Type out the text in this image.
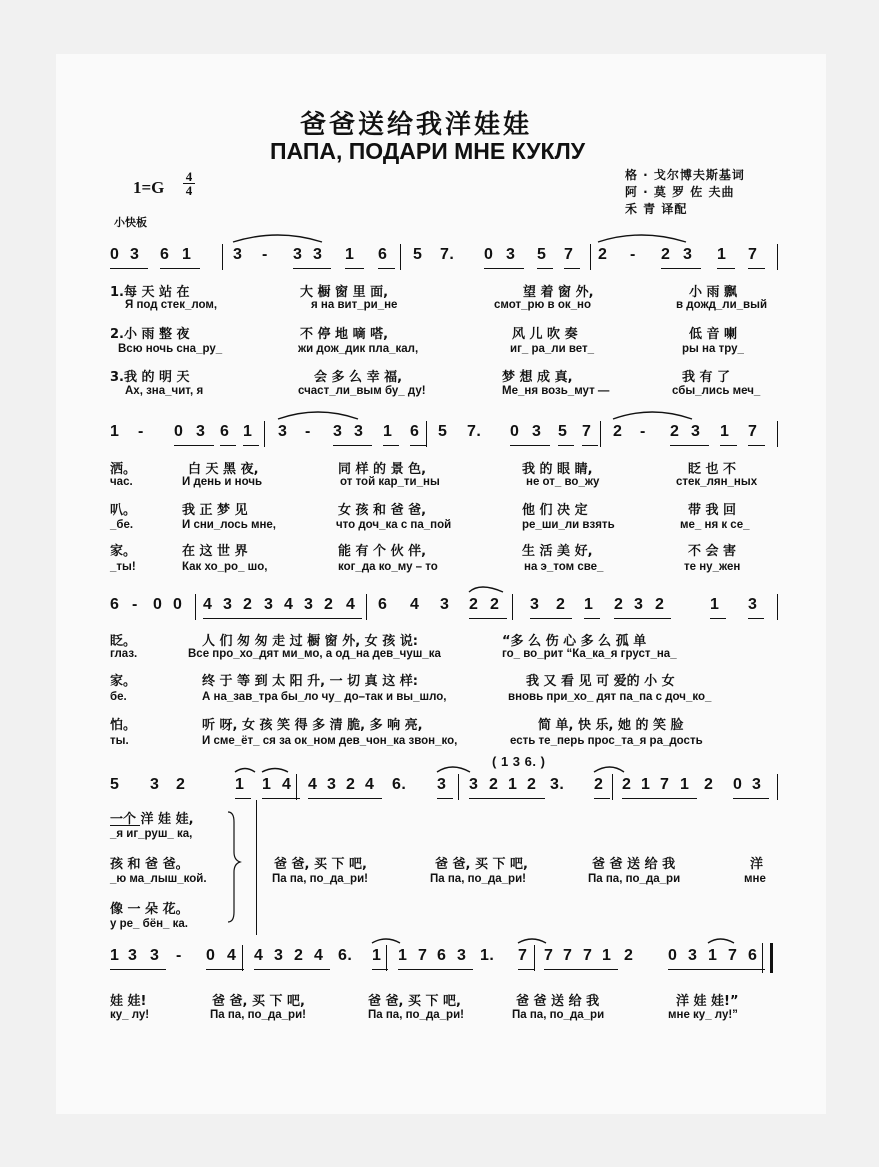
爸爸送给我洋娃娃
ПАПА, ПОДАРИ МНЕ КУКЛУ
格 · 戈尔博夫斯基词
阿 · 莫 罗 佐 夫曲
禾 青 译配
1=G
4
4
小快板
0 3 6 1	3 - 3 3 1 6 5 7. 0 3 5 7 2 - 2 3 1 7
1.每 天 站 在	大 橱 窗 里 面,	望 着 窗 外,	小 雨 飘
Я под стек_лом,	я на вит_ри_не	смот_рю в ок_но	в дожд_ли_вый
2.小 雨 整 夜	不 停 地 嘀 嗒,	风 儿 吹 奏	低 音 喇
Всю ночь сна_ру_	жи дож_дик пла_кал,	иг_ ра_ли вет_	ры на тру_
3.我 的 明 天	会 多 么 幸 福,	梦 想 成 真,	我 有 了
Ах, зна_чит, я	счаст_ли_вым бу_ ду!	Ме_ня возь_мут —	сбы_лись меч_
1 - 0 3 6 1 3 - 3 3 1 6 5 7. 0 3 5 7 2 - 2 3 1 7
洒。	白 天 黑 夜,	同 样 的 景 色,	我 的 眼 睛,	眨 也 不
час.	И день и ночь	от той кар_ти_ны	не от_ во_жу	стек_лян_ных
叭。	我 正 梦 见	女 孩 和 爸 爸,	他 们 决 定	带 我 回
_бе.	И сни_лось мне,	что доч_ка с па_пой	ре_ши_ли взять	ме_ ня к се_
家。	在 这 世 界	能 有 个 伙 伴,	生 活 美 好,	不 会 害
_ты!	Как хо_ро_ шо,	ког_да ко_му – то	на э_том све_	те ну_жен
6 - 0 0 4 3 2 3 4 3 2 4 6 4 3 2 2 3 2 1 2 3 2	1 3
眨。	人 们 匆 匆 走 过 橱 窗 外, 女 孩 说:	“多 么 伤 心 多 么 孤 单
глаз.	Все про_хо_дят ми_мо, а од_на дев_чуш_ка	го_ во_рит “Ка_ка_я груст_на_
家。	终 于 等 到 太 阳 升, 一 切 真 这 样:	我 又 看 见 可 爱的 小 女
бе.	А на_зав_тра бы_ло чу_ до–так и вы_шло,	вновь при_хо_ дят па_па с доч_ко_
怕。	听 呀, 女 孩 笑 得 多 清 脆, 多 响 亮,	简 单, 快 乐, 她 的 笑 脸
ты.	И сме_ёт_ ся за ок_ном дев_чон_ка звон_ко,	есть те_перь прос_та_я ра_дость
5 3 2	1 1 4 4 3 2 4 6. 3 3 2 1 2 3. 2 2 1 7 1 2 0 3
( 1 3 6. )
一个 洋 娃 娃,
_я иг_руш_ ка,
孩 和 爸 爸。
_ю ма_лыш_кой.
像 一 朵 花。
у ре_ бён_ ка.
爸 爸, 买 下 吧,	爸 爸, 买 下 吧,	爸 爸 送 给 我	洋
Па па, по_да_ри!	Па па, по_да_ри!	Па па, по_да_ри	мне
1 3 3 - 0 4 4 3 2 4 6. 1 1 7 6 3 1. 7 7 7 7 1 2 0 3 1 7 6
娃 娃!	爸 爸, 买 下 吧,	爸 爸, 买 下 吧,	爸 爸 送 给 我	洋 娃 娃!”
ку_ лу!	Па па, по_да_ри!	Па па, по_да_ри!	Па па, по_да_ри	мне ку_ лу!”
